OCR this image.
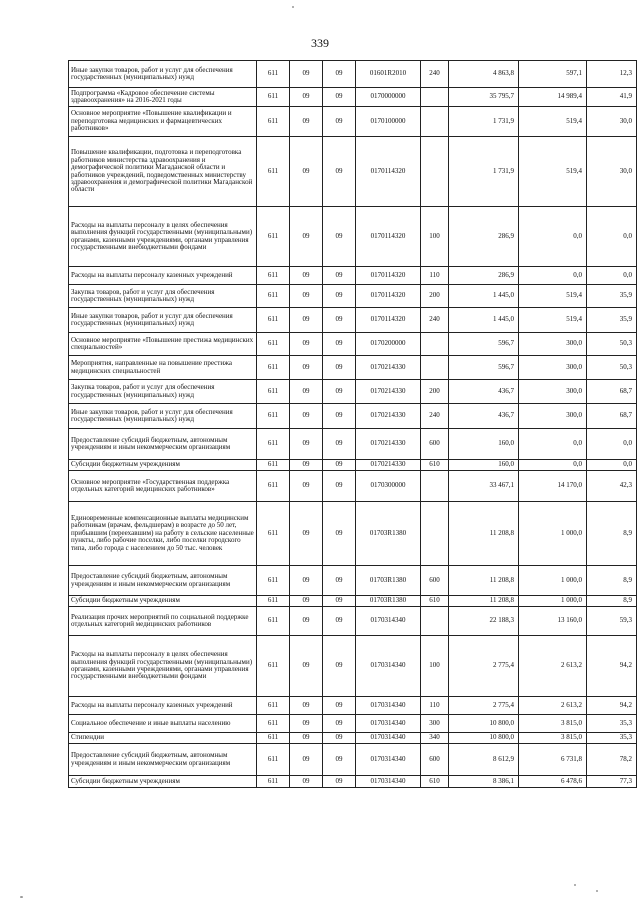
339
Иные закупки товаров, работ и услуг для обеспечения государственных (муниципальных) нужд	611	09	09	01601R2010	240	4 863,8	597,1	12,3
Подпрограмма «Кадровое обеспечение системы здравоохранения» на 2016-2021 годы	611	09	09	0170000000		35 795,7	14 989,4	41,9
Основное мероприятие «Повышение квалификации и переподготовка медицинских и фармацевтических работников»	611	09	09	0170100000		1 731,9	519,4	30,0
Повышение квалификации, подготовка и переподготовка работников министерства здравоохранения и демографической политики Магаданской области и работников учреждений, подведомственных министерству здравоохранения и демографической политики Магаданской области	611	09	09	0170114320		1 731,9	519,4	30,0
Расходы на выплаты персоналу в целях обеспечения выполнения функций государственными (муниципальными) органами, казенными учреждениями, органами управления государственными внебюджетными фондами	611	09	09	0170114320	100	286,9	0,0	0,0
Расходы на выплаты персоналу казенных учреждений	611	09	09	0170114320	110	286,9	0,0	0,0
Закупка товаров, работ и услуг для обеспечения государственных (муниципальных) нужд	611	09	09	0170114320	200	1 445,0	519,4	35,9
Иные закупки товаров, работ и услуг для обеспечения государственных (муниципальных) нужд	611	09	09	0170114320	240	1 445,0	519,4	35,9
Основное мероприятие «Повышение престижа медицинских специальностей»	611	09	09	0170200000		596,7	300,0	50,3
Мероприятия, направленные на повышение престижа медицинских специальностей	611	09	09	0170214330		596,7	300,0	50,3
Закупка товаров, работ и услуг для обеспечения государственных (муниципальных) нужд	611	09	09	0170214330	200	436,7	300,0	68,7
Иные закупки товаров, работ и услуг для обеспечения государственных (муниципальных) нужд	611	09	09	0170214330	240	436,7	300,0	68,7
Предоставление субсидий бюджетным, автономным учреждениям и иным некоммерческим организациям	611	09	09	0170214330	600	160,0	0,0	0,0
Субсидии бюджетным учреждениям	611	09	09	0170214330	610	160,0	0,0	0,0
Основное мероприятие «Государственная поддержка отдельных категорий медицинских работников»	611	09	09	0170300000		33 467,1	14 170,0	42,3
Единовременные компенсационные выплаты медицинским работникам (врачам, фельдшерам) в возрасте до 50 лет, прибывшим (переехавшим) на работу в сельские населенные пункты, либо рабочие поселки, либо поселки городского типа, либо города с населением до 50 тыс. человек	611	09	09	01703R1380		11 208,8	1 000,0	8,9
Предоставление субсидий бюджетным, автономным учреждениям и иным некоммерческим организациям	611	09	09	01703R1380	600	11 208,8	1 000,0	8,9
Субсидии бюджетным учреждениям	611	09	09	01703R1380	610	11 208,8	1 000,0	8,9
Реализация прочих мероприятий по социальной поддержке отдельных категорий медицинских работников	611	09	09	0170314340		22 188,3	13 160,0	59,3
Расходы на выплаты персоналу в целях обеспечения выполнения функций государственными (муниципальными) органами, казенными учреждениями, органами управления государственными внебюджетными фондами	611	09	09	0170314340	100	2 775,4	2 613,2	94,2
Расходы на выплаты персоналу казенных учреждений	611	09	09	0170314340	110	2 775,4	2 613,2	94,2
Социальное обеспечение и иные выплаты населению	611	09	09	0170314340	300	10 800,0	3 815,0	35,3
Стипендии	611	09	09	0170314340	340	10 800,0	3 815,0	35,3
Предоставление субсидий бюджетным, автономным учреждениям и иным некоммерческим организациям	611	09	09	0170314340	600	8 612,9	6 731,8	78,2
Субсидии бюджетным учреждениям	611	09	09	0170314340	610	8 386,1	6 478,6	77,3
